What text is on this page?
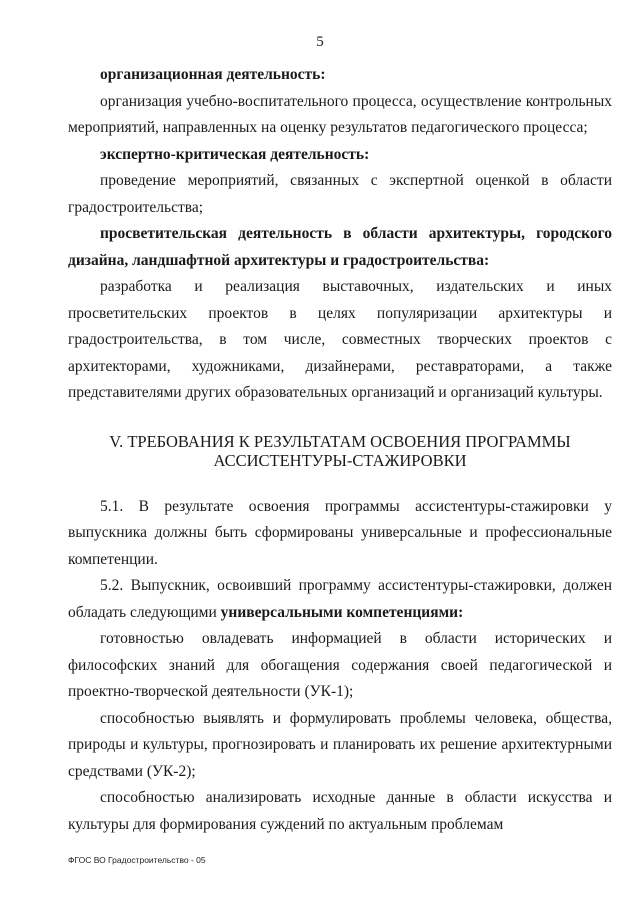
5

организационная деятельность:

организация учебно-воспитательного процесса, осуществление контрольных мероприятий, направленных на оценку результатов педагогического процесса;

экспертно-критическая деятельность:

проведение мероприятий, связанных с экспертной оценкой в области градостроительства;

просветительская деятельность в области архитектуры, городского дизайна, ландшафтной архитектуры и градостроительства:

разработка и реализация выставочных, издательских и иных просветительских проектов в целях популяризации архитектуры и градостроительства, в том числе, совместных творческих проектов с архитекторами, художниками, дизайнерами, реставраторами, а также представителями других образовательных организаций и организаций культуры.

V. ТРЕБОВАНИЯ К РЕЗУЛЬТАТАМ ОСВОЕНИЯ ПРОГРАММЫ
АССИСТЕНТУРЫ-СТАЖИРОВКИ

5.1. В результате освоения программы ассистентуры-стажировки у выпускника должны быть сформированы универсальные и профессиональные компетенции.

5.2. Выпускник, освоивший программу ассистентуры-стажировки, должен обладать следующими универсальными компетенциями:

готовностью овладевать информацией в области исторических и философских знаний для обогащения содержания своей педагогической и проектно-творческой деятельности (УК-1);

способностью выявлять и формулировать проблемы человека, общества, природы и культуры, прогнозировать и планировать их решение архитектурными средствами (УК-2);

способностью анализировать исходные данные в области искусства и культуры для формирования суждений по актуальным проблемам

ФГОС ВО Градостроительство - 05
